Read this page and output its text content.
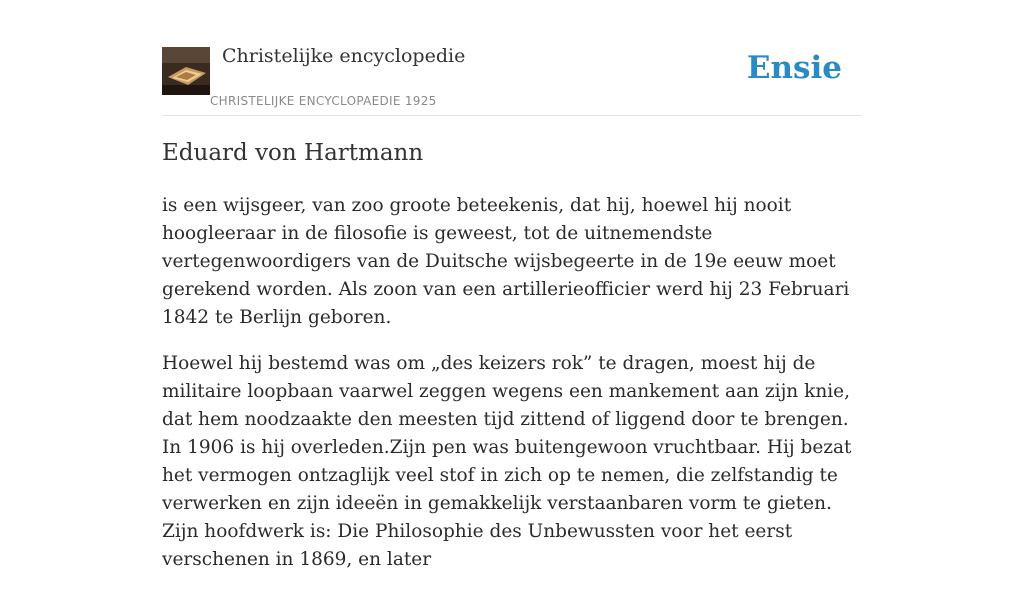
Christelijke encyclopedie
CHRISTELIJKE ENCYCLOPAEDIE 1925
Ensie
Eduard von Hartmann

is een wijsgeer, van zoo groote beteekenis, dat hij, hoewel hij nooit hoogleeraar in de filosofie is geweest, tot de uitnemendste vertegenwoordigers van de Duitsche wijsbegeerte in de 19e eeuw moet gerekend worden. Als zoon van een artillerieofficier werd hij 23 Februari 1842 te Berlijn geboren.

Hoewel hij bestemd was om „des keizers rok” te dragen, moest hij de militaire loopbaan vaarwel zeggen wegens een mankement aan zijn knie, dat hem noodzaakte den meesten tijd zittend of liggend door te brengen. In 1906 is hij overleden.Zijn pen was buitengewoon vruchtbaar. Hij bezat het vermogen ontzaglijk veel stof in zich op te nemen, die zelfstandig te verwerken en zijn ideeën in gemakkelijk verstaanbaren vorm te gieten. Zijn hoofdwerk is: Die Philosophie des Unbewussten voor het eerst verschenen in 1869, en later
